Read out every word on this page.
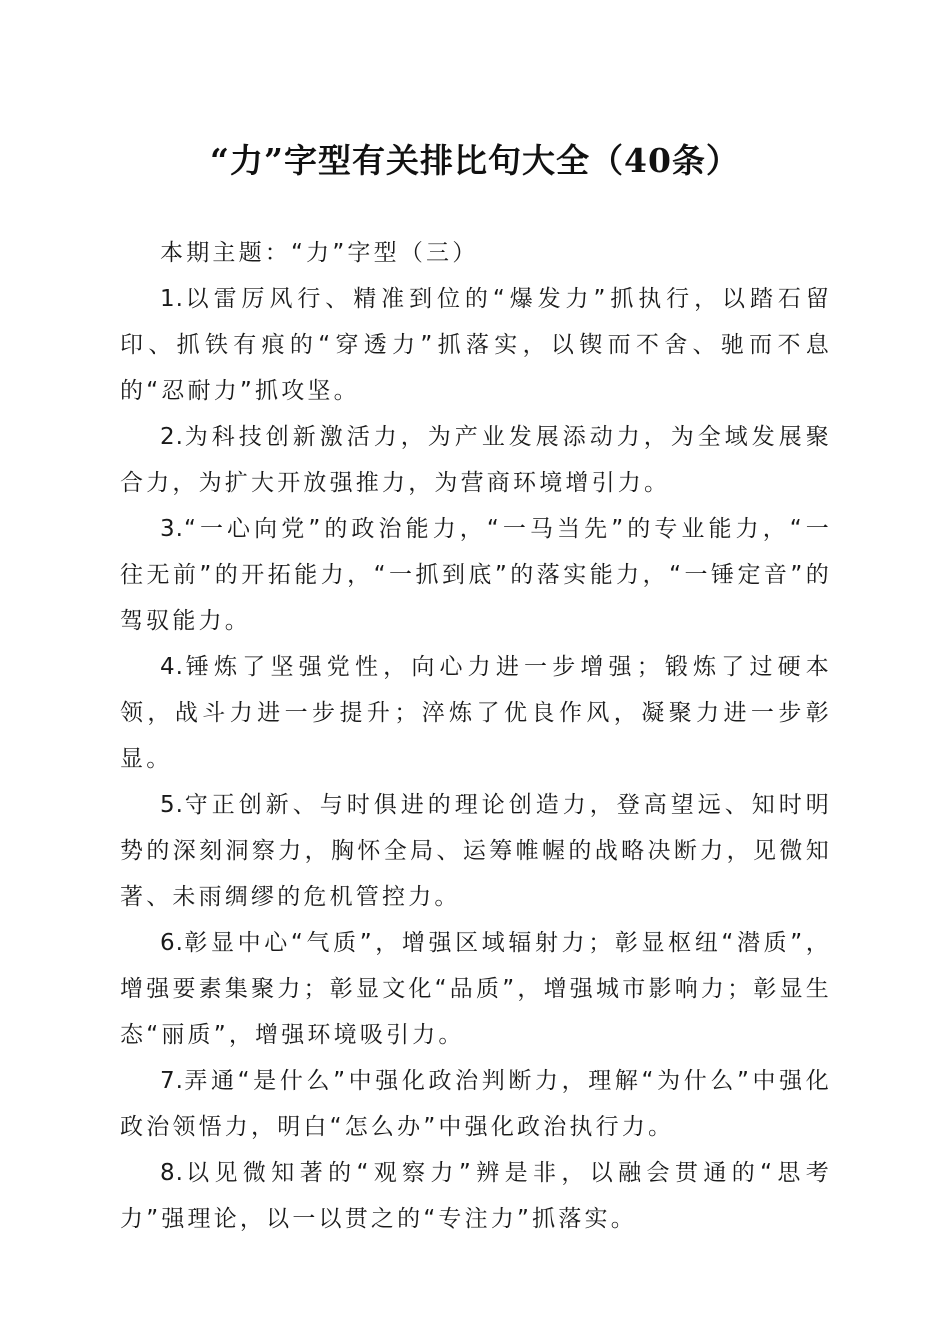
“力”字型有关排比句大全（40条）

本期主题：“力”字型（三）

1.以雷厉风行、精准到位的“爆发力”抓执行，以踏石留印、抓铁有痕的“穿透力”抓落实，以锲而不舍、驰而不息的“忍耐力”抓攻坚。

2.为科技创新激活力，为产业发展添动力，为全域发展聚合力，为扩大开放强推力，为营商环境增引力。

3.“一心向党”的政治能力，“一马当先”的专业能力，“一往无前”的开拓能力，“一抓到底”的落实能力，“一锤定音”的驾驭能力。

4.锤炼了坚强党性，向心力进一步增强；锻炼了过硬本领，战斗力进一步提升；淬炼了优良作风，凝聚力进一步彰显。

5.守正创新、与时俱进的理论创造力，登高望远、知时明势的深刻洞察力，胸怀全局、运筹帷幄的战略决断力，见微知著、未雨绸缪的危机管控力。

6.彰显中心“气质”，增强区域辐射力；彰显枢纽“潜质”，增强要素集聚力；彰显文化“品质”，增强城市影响力；彰显生态“丽质”，增强环境吸引力。

7.弄通“是什么”中强化政治判断力，理解“为什么”中强化政治领悟力，明白“怎么办”中强化政治执行力。

8.以见微知著的“观察力”辨是非，以融会贯通的“思考力”强理论，以一以贯之的“专注力”抓落实。
